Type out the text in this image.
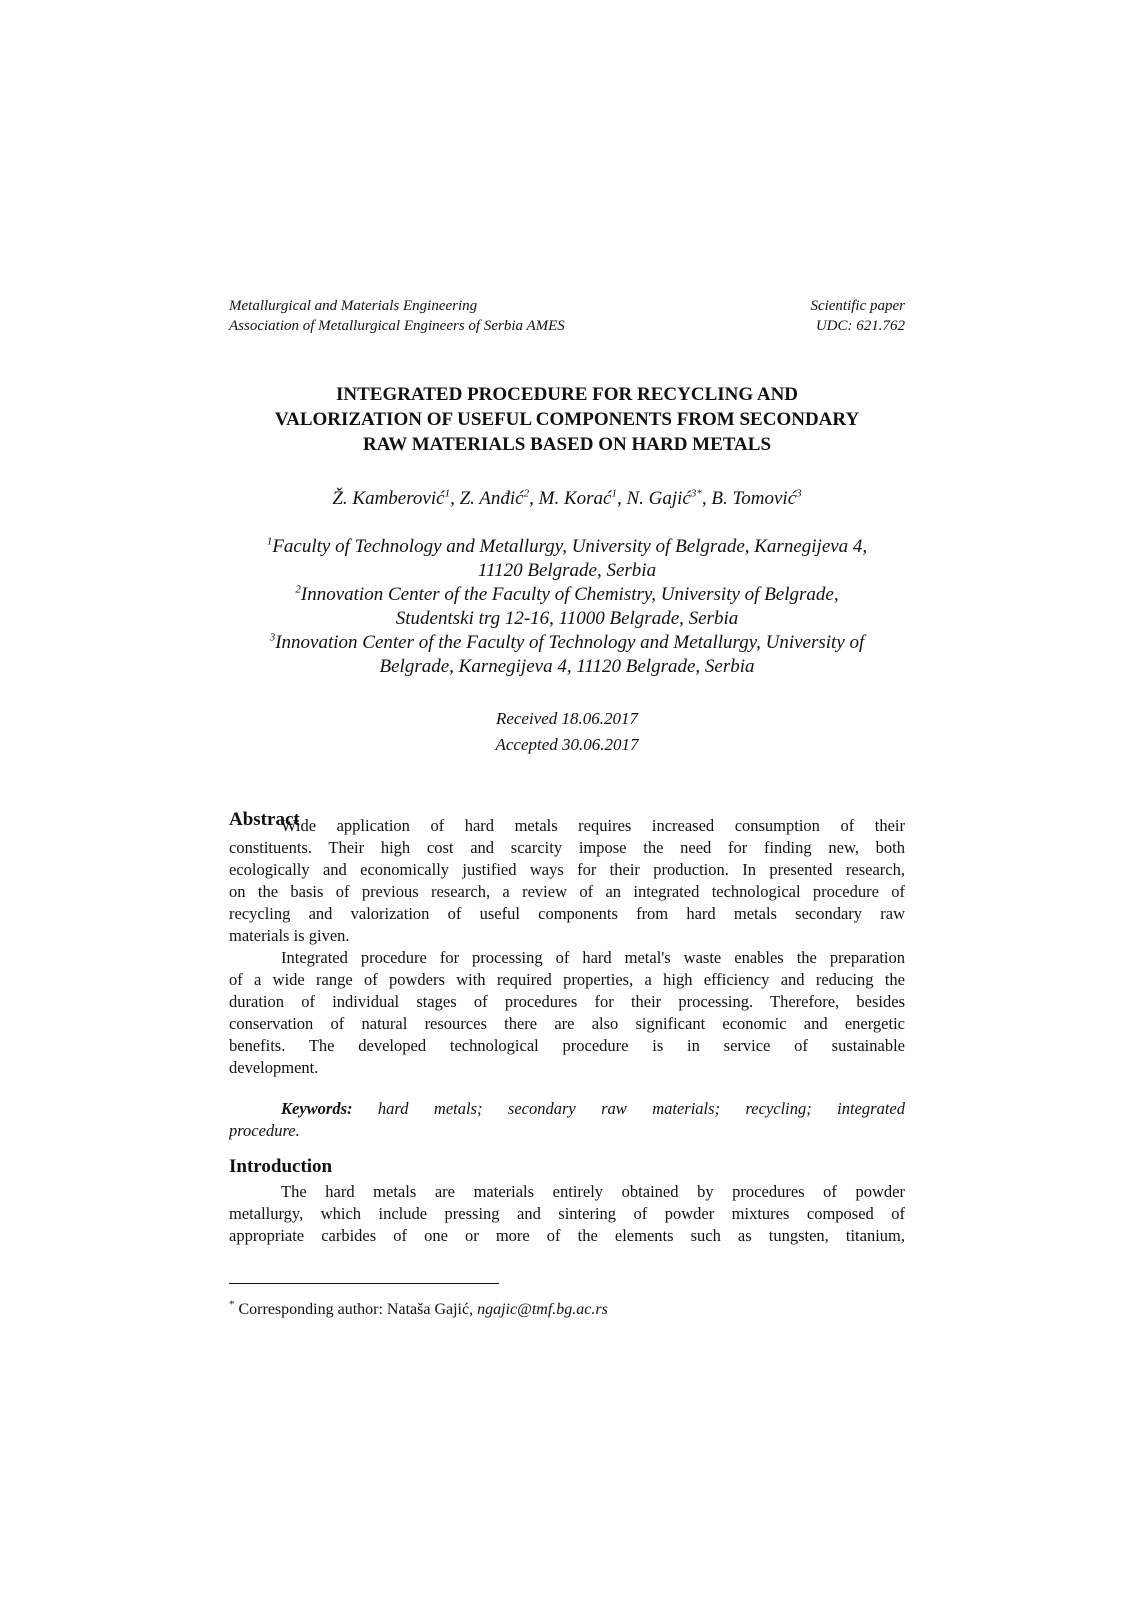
Metallurgical and Materials Engineering	Scientific paper
Association of Metallurgical Engineers of Serbia AMES	UDC: 621.762
INTEGRATED PROCEDURE FOR RECYCLING AND
VALORIZATION OF USEFUL COMPONENTS FROM SECONDARY
RAW MATERIALS BASED ON HARD METALS
Ž. Kamberović$^1$, Z. Anđić$^2$, M. Korać$^1$, N. Gajić$^{3*}$, B. Tomović$^3$
$^1$Faculty of Technology and Metallurgy, University of Belgrade, Karnegijeva 4,
11120 Belgrade, Serbia
$^2$Innovation Center of the Faculty of Chemistry, University of Belgrade,
Studentski trg 12-16, 11000 Belgrade, Serbia
$^3$Innovation Center of the Faculty of Technology and Metallurgy, University of
Belgrade, Karnegijeva 4, 11120 Belgrade, Serbia
Received 18.06.2017
Accepted 30.06.2017
Abstract
Wide application of hard metals requires increased consumption of their
constituents. Their high cost and scarcity impose the need for finding new, both
ecologically and economically justified ways for their production. In presented research,
on the basis of previous research, a review of an integrated technological procedure of
recycling and valorization of useful components from hard metals secondary raw
materials is given.
Integrated procedure for processing of hard metal's waste enables the preparation
of a wide range of powders with required properties, a high efficiency and reducing the
duration of individual stages of procedures for their processing. Therefore, besides
conservation of natural resources there are also significant economic and energetic
benefits. The developed technological procedure is in service of sustainable
development.
Keywords: hard metals; secondary raw materials; recycling; integrated
procedure.
Introduction
The hard metals are materials entirely obtained by procedures of powder
metallurgy, which include pressing and sintering of powder mixtures composed of
appropriate carbides of one or more of the elements such as tungsten, titanium,
* Corresponding author: Nataša Gajić, ngajic@tmf.bg.ac.rs
